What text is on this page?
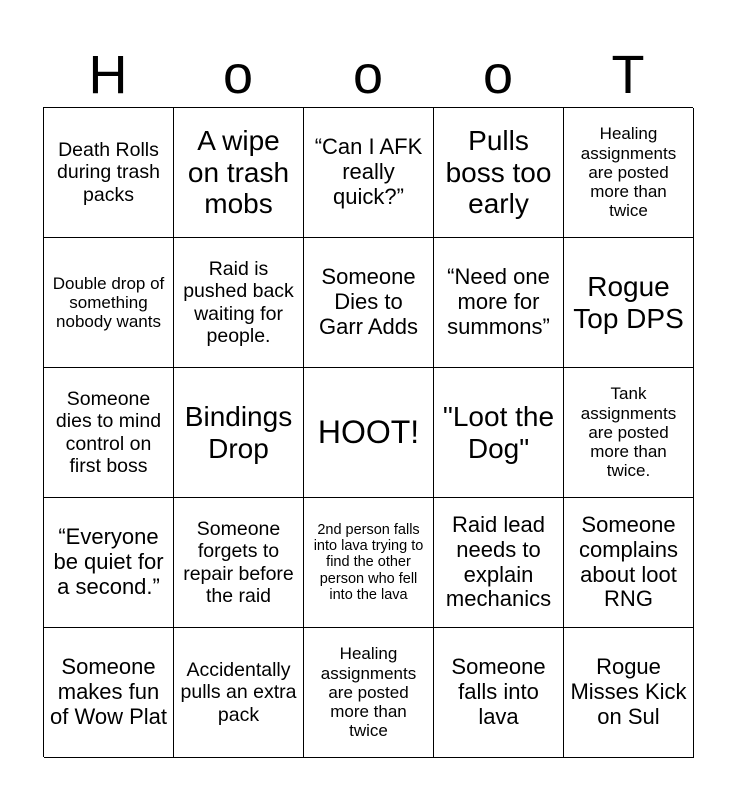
H	o	o	o	T
Death Rolls during trash packs
A wipe on trash mobs
“Can I AFK really quick?”
Pulls boss too early
Healing assignments are posted more than twice
Double drop of something nobody wants
Raid is pushed back waiting for people.
Someone Dies to Garr Adds
“Need one more for summons”
Rogue Top DPS
Someone dies to mind control on first boss
Bindings Drop	HOOT! "Loot the Dog"
Tank assignments are posted more than twice.
“Everyone be quiet for a second.”
Someone forgets to repair before the raid
2nd person falls into lava trying to find the other person who fell into the lava
Raid lead needs to explain mechanics
Someone complains about loot RNG
Someone makes fun of Wow Plat
Accidentally pulls an extra pack
Healing assignments are posted more than twice
Someone falls into lava
Rogue Misses Kick on Sul
